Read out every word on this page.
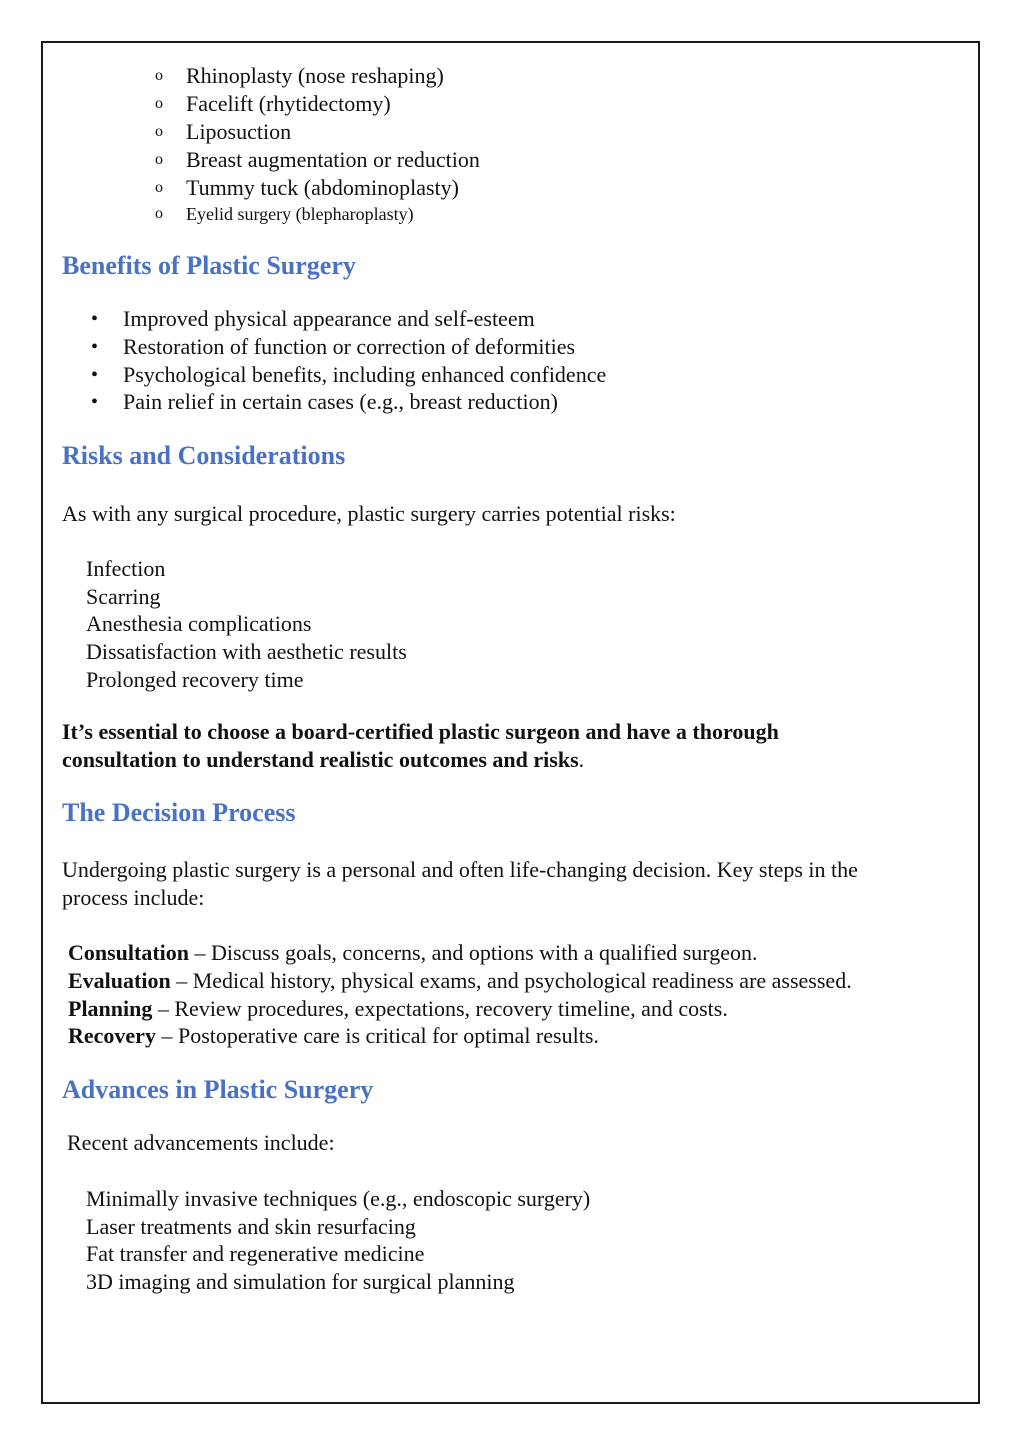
o Rhinoplasty (nose reshaping)
o Facelift (rhytidectomy)
o Liposuction
o Breast augmentation or reduction
o Tummy tuck (abdominoplasty)
o Eyelid surgery (blepharoplasty)
Benefits of Plastic Surgery
• Improved physical appearance and self-esteem
• Restoration of function or correction of deformities
• Psychological benefits, including enhanced confidence
• Pain relief in certain cases (e.g., breast reduction)
Risks and Considerations
As with any surgical procedure, plastic surgery carries potential risks:
Infection
Scarring
Anesthesia complications
Dissatisfaction with aesthetic results
Prolonged recovery time
It’s essential to choose a board-certified plastic surgeon and have a thorough
consultation to understand realistic outcomes and risks.
The Decision Process
Undergoing plastic surgery is a personal and often life-changing decision. Key steps in the
process include:
Consultation – Discuss goals, concerns, and options with a qualified surgeon.
Evaluation – Medical history, physical exams, and psychological readiness are assessed.
Planning – Review procedures, expectations, recovery timeline, and costs.
Recovery – Postoperative care is critical for optimal results.
Advances in Plastic Surgery
Recent advancements include:
Minimally invasive techniques (e.g., endoscopic surgery)
Laser treatments and skin resurfacing
Fat transfer and regenerative medicine
3D imaging and simulation for surgical planning
